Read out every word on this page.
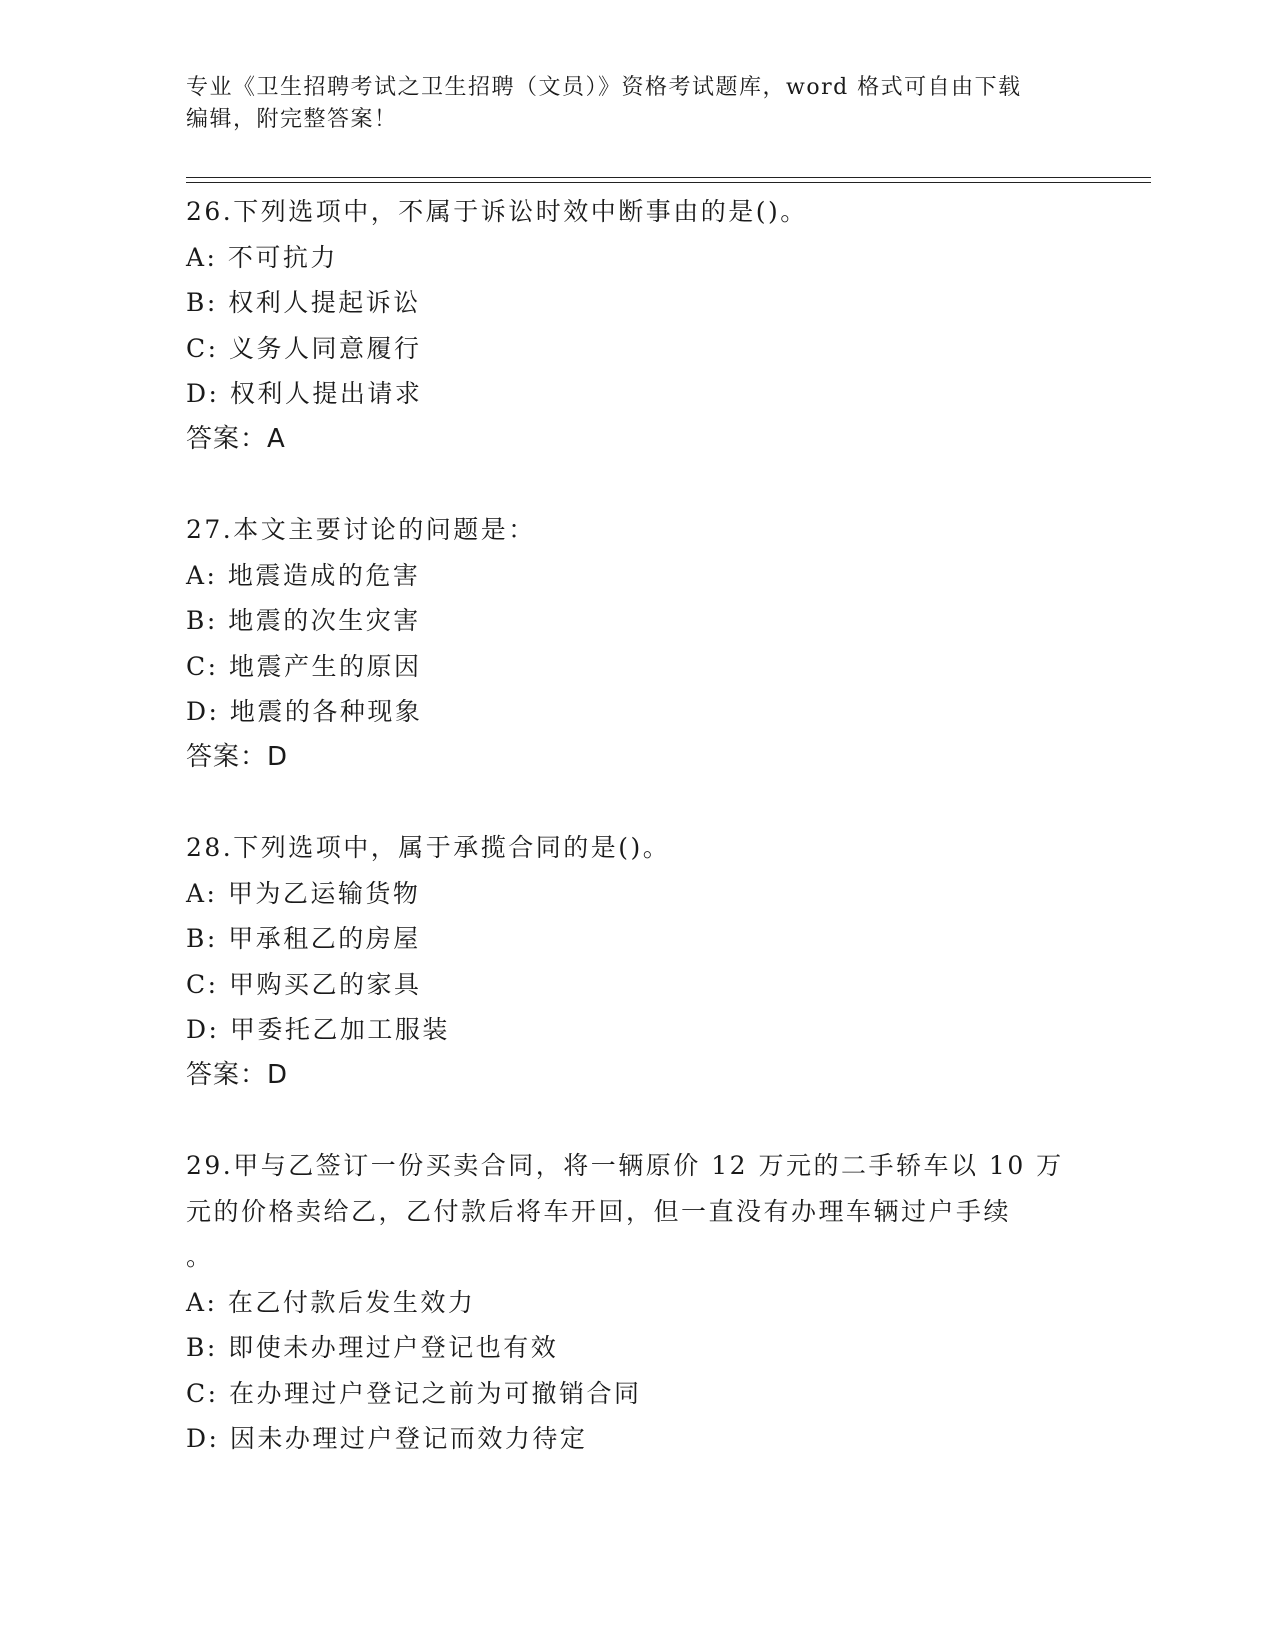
专业《卫生招聘考试之卫生招聘（文员）》资格考试题库，word 格式可自由下载
编辑，附完整答案！
26.下列选项中，不属于诉讼时效中断事由的是()。
A: 不可抗力
B: 权利人提起诉讼
C: 义务人同意履行
D: 权利人提出请求
答案：A
27.本文主要讨论的问题是：
A: 地震造成的危害
B: 地震的次生灾害
C: 地震产生的原因
D: 地震的各种现象
答案：D
28.下列选项中，属于承揽合同的是()。
A: 甲为乙运输货物
B: 甲承租乙的房屋
C: 甲购买乙的家具
D: 甲委托乙加工服装
答案：D
29.甲与乙签订一份买卖合同，将一辆原价 12 万元的二手轿车以 10 万
元的价格卖给乙，乙付款后将车开回，但一直没有办理车辆过户手续
。
A: 在乙付款后发生效力
B: 即使未办理过户登记也有效
C: 在办理过户登记之前为可撤销合同
D: 因未办理过户登记而效力待定
